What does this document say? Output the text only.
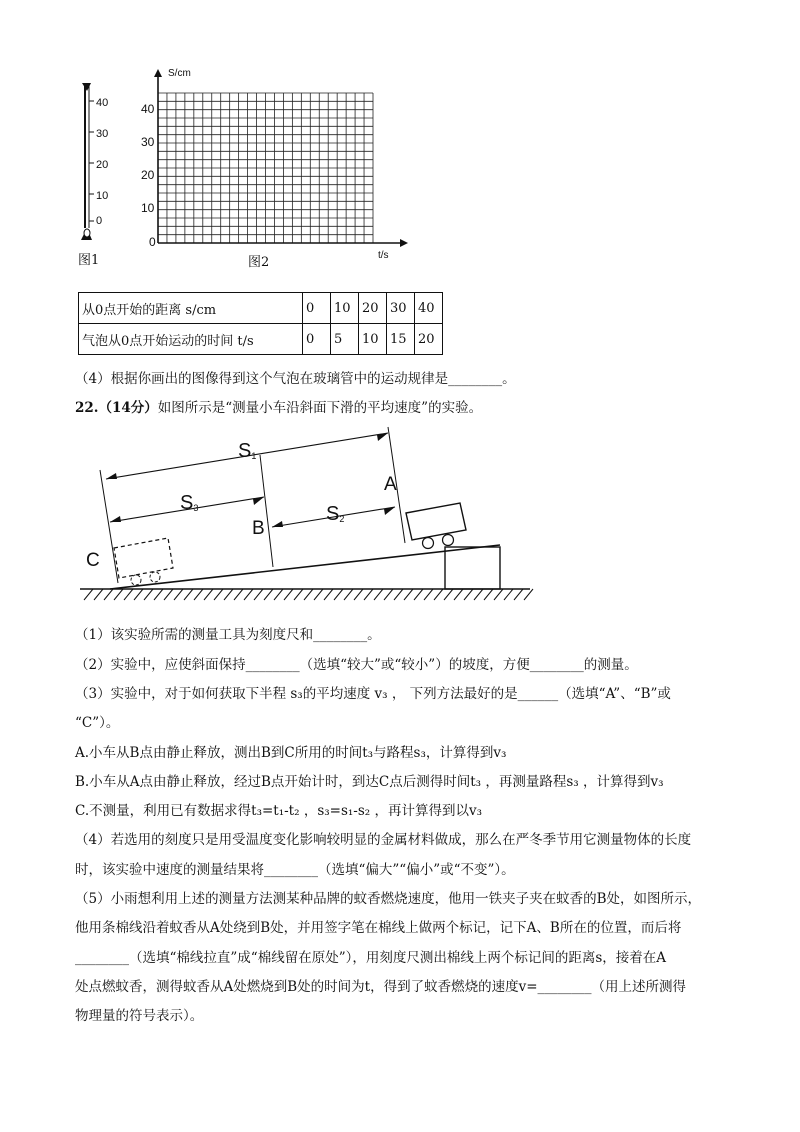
40
30
20
10
0
图1
S/cm
t/s
40
30
20
10
0
图2
从0点开始的距离 s/cm	0	10	20	30	40
气泡从0点开始运动的时间 t/s	0	5	10	15	20
（4）根据你画出的图像得到这个气泡在玻璃管中的运动规律是________。
22.（14分）如图所示是“测量小车沿斜面下滑的平均速度”的实验。
$S_1$
$S_3$	$S_2$
A
B
C
（1）该实验所需的测量工具为刻度尺和________。
（2）实验中，应使斜面保持________（选填“较大”或“较小”）的坡度，方便________的测量。
（3）实验中，对于如何获取下半程 s₃的平均速度 v₃ ， 下列方法最好的是______（选填“A”、“B”或
“C”）。
A.小车从B点由静止释放，测出B到C所用的时间t₃与路程s₃，计算得到v₃
B.小车从A点由静止释放，经过B点开始计时，到达C点后测得时间t₃ ，再测量路程s₃ ，计算得到v₃
C.不测量，利用已有数据求得t₃=t₁-t₂ ，s₃=s₁-s₂ ，再计算得到以v₃
（4）若选用的刻度只是用受温度变化影响较明显的金属材料做成，那么在严冬季节用它测量物体的长度
时，该实验中速度的测量结果将________（选填“偏大”“偏小”或“不变”）。
（5）小雨想利用上述的测量方法测某种品牌的蚊香燃烧速度，他用一铁夹子夹在蚊香的B处，如图所示，
他用条棉线沿着蚊香从A处绕到B处，并用签字笔在棉线上做两个标记，记下A、B所在的位置，而后将
________（选填“棉线拉直”成“棉线留在原处”），用刻度尺测出棉线上两个标记间的距离s，接着在A
处点燃蚊香，测得蚊香从A处燃烧到B处的时间为t，得到了蚊香燃烧的速度v=________（用上述所测得
物理量的符号表示）。
